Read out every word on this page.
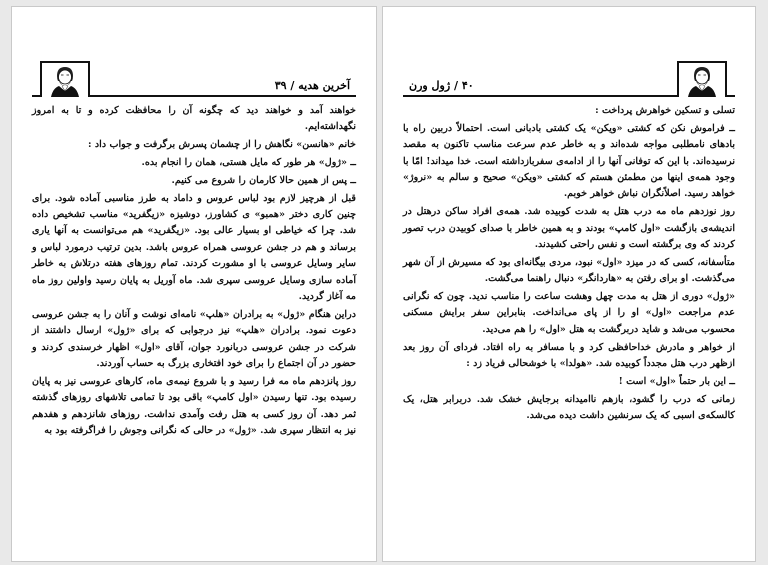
آخرین هدیه / ۳۹

خواهند آمد و خواهند دید که چگونه آن را محافظت کرده و تا به امروز نگهداشته‌ایم.

خانم «هانسن» نگاهش را از چشمان پسرش برگرفت و جواب داد :

ــ «ژول» هر طور که مایل هستی، همان را انجام بده.

ــ پس از همین حالا کارمان را شروع می کنیم.

قبل از هرچیز لازم بود لباس عروس و داماد به طرز مناسبی آماده شود. برای چنین کاری دختر «همبو» ی کشاورز، دوشیزه «زیگفرید» مناسب تشخیص داده شد. چرا که خیاطی او بسیار عالی بود. «زیگفرید» هم می‌توانست به آنها یاری برساند و هم در جشن عروسی همراه عروس باشد. بدین ترتیب درمورد لباس و سایر وسایل عروسی با او مشورت کردند. تمام روزهای هفته درتلاش به خاطر آماده سازی وسایل عروسی سپری شد. ماه آوریل به پایان رسید واولین روز ماه مه آغاز گردید.

دراین هنگام «ژول» به برادران «هلپ» نامه‌ای نوشت و آنان را به جشن عروسی دعوت نمود. برادران «هلپ» نیز درجوابی که برای «ژول» ارسال داشتند از شرکت در جشن عروسی دربانورد جوان، آقای «اول» اظهار خرسندی کردند و حضور در آن اجتماع را برای خود افتخاری بزرگ به حساب آوردند.

روز پانزدهم ماه مه فرا رسید و با شروع نیمه‌ی ماه، کارهای عروسی نیز به پایان رسیده بود. تنها رسیدن «اول کامپ» باقی بود تا تمامی تلاشهای روزهای گذشته ثمر دهد. آن روز کسی به هتل رفت وآمدی نداشت. روزهای شانزدهم و هفدهم نیز به انتظار سپری شد. «ژول» در حالی که نگرانی وجوش را فراگرفته بود به

۴۰ / ژول ورن

تسلی و تسکین خواهرش پرداخت :

ــ فراموش نکن که کشتی «ویکن» یک کشتی بادبانی است. احتمالاً دربین راه با بادهای نامطلبی مواجه شده‌اند و به خاطر عدم سرعت مناسب تاکنون به مقصد نرسیده‌اند. با این که توفانی آنها را از ادامه‌ی سفربازداشته است. خدا میداند! امّا با وجود همه‌ی اینها من مطمئن هستم که کشتی «ویکن» صحیح و سالم به «نروژ» خواهد رسید. اصلاًنگران نباش خواهر خوبم.

روز نوزدهم ماه مه درب هتل به شدت کوبیده شد. همه‌ی افراد ساکن درهتل در اندیشه‌ی بازگشت «اول کامپ» بودند و به همین خاطر با صدای کوبیدن درب تصور کردند که وی برگشته است و نفس راحتی کشیدند.

متأسفانه، کسی که در میزد «اول» نبود، مردی بیگانه‌ای بود که مسیرش از آن شهر می‌گذشت. او برای رفتن به «هاردانگر» دنبال راهنما می‌گشت.

«ژول» دوری از هتل به مدت چهل وهشت ساعت را مناسب ندید. چون که نگرانی عدم مراجعت «اول» او را از پای می‌انداخت. بنابراین سفر برایش مسکنی محسوب می‌شد و شاید دربرگشت به هتل «اول» را هم می‌دید.

از خواهر و مادرش خداحافظی کرد و با مسافر به راه افتاد. فردای آن روز بعد ازظهر درب هتل مجدداً کوبیده شد. «هولدا» با خوشحالی فریاد زد :

ــ این بار حتماً «اول» است !

زمانی که درب را گشود، بازهم ناامیدانه برجایش خشک شد. دربرابر هتل، یک کالسکه‌ی اسبی که یک سرنشین داشت دیده می‌شد.
